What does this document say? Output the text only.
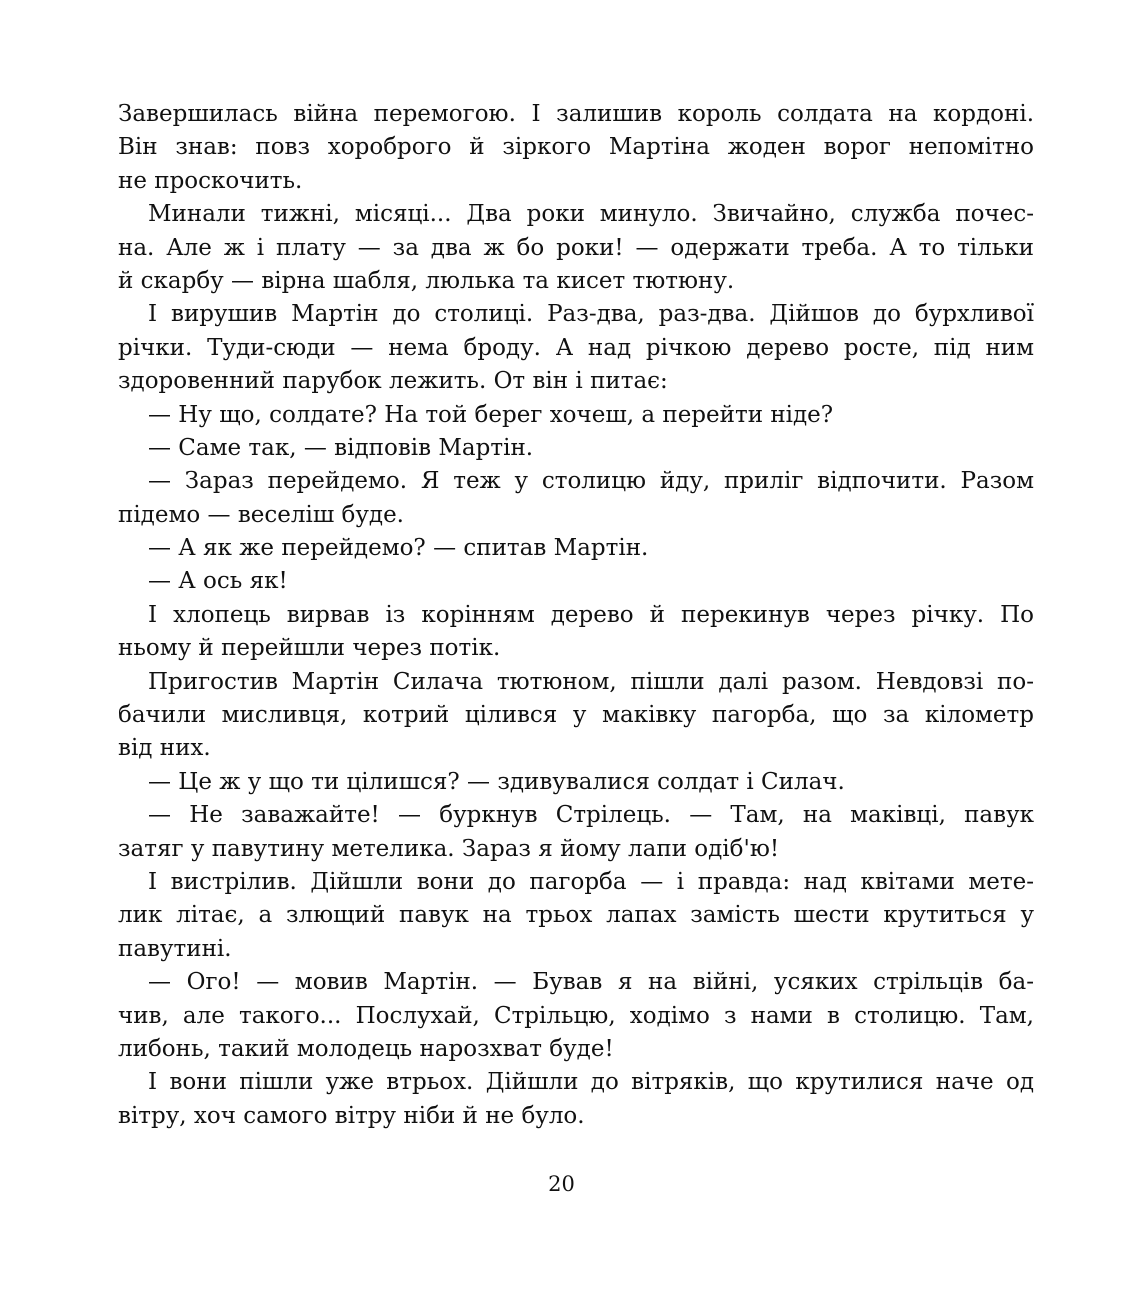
Завершилась війна перемогою. І залишив король солдата на кордоні.
Він знав: повз хороброго й зіркого Мартіна жоден ворог непомітно
не проскочить.
Минали тижні, місяці... Два роки минуло. Звичайно, служба почес-
на. Але ж і плату — за два ж бо роки! — одержати треба. А то тільки
й скарбу — вірна шабля, люлька та кисет тютюну.
І вирушив Мартін до столиці. Раз-два, раз-два. Дійшов до бурхливої
річки. Туди-сюди — нема броду. А над річкою дерево росте, під ним
здоровенний парубок лежить. От він і питає:
— Ну що, солдате? На той берег хочеш, а перейти ніде?
— Саме так, — відповів Мартін.
— Зараз перейдемо. Я теж у столицю йду, приліг відпочити. Разом
підемо — веселіш буде.
— А як же перейдемо? — спитав Мартін.
— А ось як!
І хлопець вирвав із корінням дерево й перекинув через річку. По
ньому й перейшли через потік.
Пригостив Мартін Силача тютюном, пішли далі разом. Невдовзі по-
бачили мисливця, котрий цілився у маківку пагорба, що за кілометр
від них.
— Це ж у що ти цілишся? — здивувалися солдат і Силач.
— Не заважайте! — буркнув Стрілець. — Там, на маківці, павук
затяг у павутину метелика. Зараз я йому лапи одіб'ю!
І вистрілив. Дійшли вони до пагорба — і правда: над квітами мете-
лик літає, а злющий павук на трьох лапах замість шести крутиться у
павутині.
— Ого! — мовив Мартін. — Бував я на війні, усяких стрільців ба-
чив, але такого... Послухай, Стрільцю, ходімо з нами в столицю. Там,
либонь, такий молодець нарозхват буде!
І вони пішли уже втрьох. Дійшли до вітряків, що крутилися наче од
вітру, хоч самого вітру ніби й не було.
20
